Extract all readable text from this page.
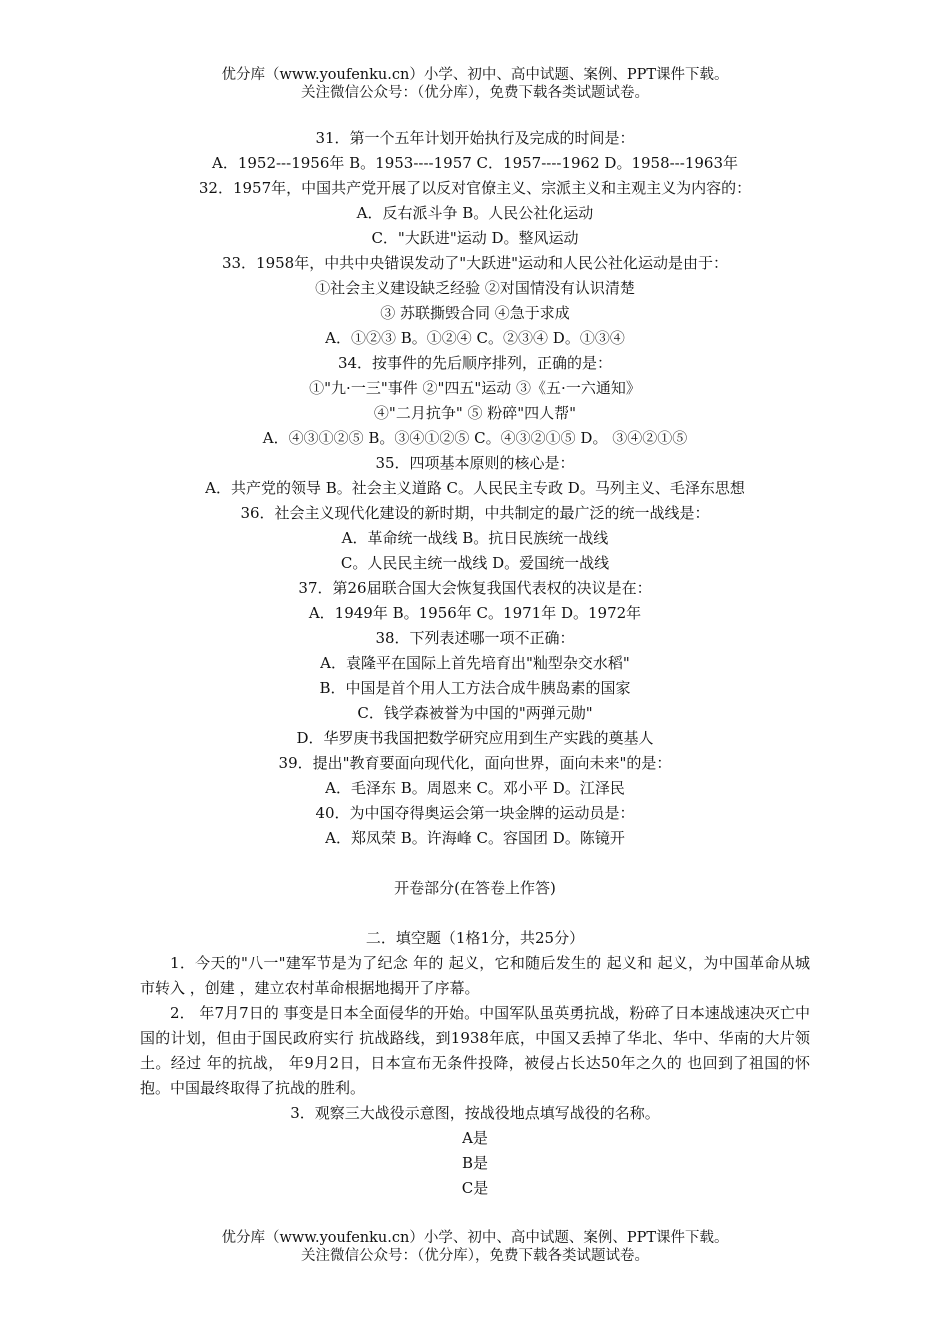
优分库（www.youfenku.cn）小学、初中、高中试题、案例、PPT课件下载。
关注微信公众号：（优分库），免费下载各类试题试卷。
31．第一个五年计划开始执行及完成的时间是：
A．1952---1956年 B。1953----1957 C．1957----1962 D。1958---1963年
32．1957年，中国共产党开展了以反对官僚主义、宗派主义和主观主义为内容的：
A．反右派斗争 B。人民公社化运动
C．"大跃进"运动 D。整风运动
33．1958年，中共中央错误发动了"大跃进"运动和人民公社化运动是由于：
①社会主义建设缺乏经验 ②对国情没有认识清楚
③ 苏联撕毁合同 ④急于求成
A．①②③ B。①②④ C。②③④ D。①③④
34．按事件的先后顺序排列，正确的是：
①"九·一三"事件 ②"四五"运动 ③《五·一六通知》
④"二月抗争" ⑤ 粉碎"四人帮"
A．④③①②⑤ B。③④①②⑤ C。④③②①⑤ D。 ③④②①⑤
35．四项基本原则的核心是：
A．共产党的领导 B。社会主义道路 C。人民民主专政 D。马列主义、毛泽东思想
36．社会主义现代化建设的新时期，中共制定的最广泛的统一战线是：
A．革命统一战线 B。抗日民族统一战线
C。人民民主统一战线 D。爱国统一战线
37．第26届联合国大会恢复我国代表权的决议是在：
A．1949年 B。1956年 C。1971年 D。1972年
38．下列表述哪一项不正确：
A．袁隆平在国际上首先培育出"籼型杂交水稻"
B．中国是首个用人工方法合成牛胰岛素的国家
C．钱学森被誉为中国的"两弹元勋"
D．华罗庚书我国把数学研究应用到生产实践的奠基人
39．提出"教育要面向现代化，面向世界，面向未来"的是：
A．毛泽东 B。周恩来 C。邓小平 D。江泽民
40．为中国夺得奥运会第一块金牌的运动员是：
A．郑凤荣 B。许海峰 C。容国团 D。陈镜开
开卷部分(在答卷上作答)
二．填空题（1格1分，共25分）
1．今天的"八一"建军节是为了纪念 年的 起义，它和随后发生的 起义和 起义，为中国革命从城市转入 ，创建 ，建立农村革命根据地揭开了序幕。
2． 年7月7日的 事变是日本全面侵华的开始。中国军队虽英勇抗战，粉碎了日本速战速决灭亡中国的计划，但由于国民政府实行 抗战路线，到1938年底，中国又丢掉了华北、华中、华南的大片领土。经过 年的抗战， 年9月2日，日本宣布无条件投降，被侵占长达50年之久的 也回到了祖国的怀抱。中国最终取得了抗战的胜利。
3．观察三大战役示意图，按战役地点填写战役的名称。
A是
B是
C是
优分库（www.youfenku.cn）小学、初中、高中试题、案例、PPT课件下载。
关注微信公众号：（优分库），免费下载各类试题试卷。
